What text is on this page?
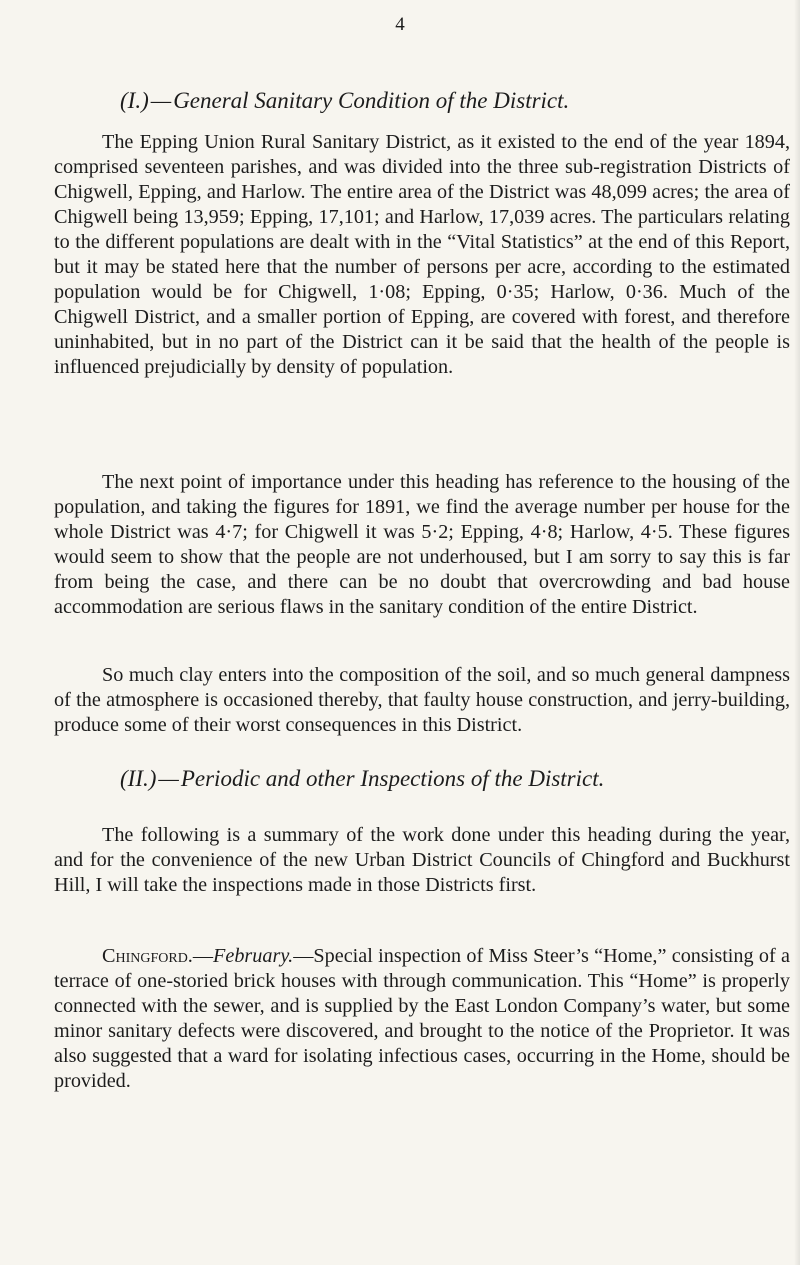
4
(I.)—General Sanitary Condition of the District.

The Epping Union Rural Sanitary District, as it existed to the end of the year 1894, comprised seventeen parishes, and was divided into the three sub-registration Districts of Chigwell, Epping, and Harlow. The entire area of the District was 48,099 acres; the area of Chigwell being 13,959; Epping, 17,101; and Harlow, 17,039 acres. The particulars relating to the different populations are dealt with in the “Vital Statistics” at the end of this Report, but it may be stated here that the number of persons per acre, according to the estimated population would be for Chigwell, 1·08; Epping, 0·35; Harlow, 0·36. Much of the Chigwell District, and a smaller portion of Epping, are covered with forest, and therefore uninhabited, but in no part of the District can it be said that the health of the people is influenced prejudicially by density of population.

The next point of importance under this heading has reference to the housing of the population, and taking the figures for 1891, we find the average number per house for the whole District was 4·7; for Chigwell it was 5·2; Epping, 4·8; Harlow, 4·5. These figures would seem to show that the people are not underhoused, but I am sorry to say this is far from being the case, and there can be no doubt that overcrowding and bad house accommodation are serious flaws in the sanitary condition of the entire District.

So much clay enters into the composition of the soil, and so much general dampness of the atmosphere is occasioned thereby, that faulty house construction, and jerry-building, produce some of their worst consequences in this District.

(II.)—Periodic and other Inspections of the District.

The following is a summary of the work done under this heading during the year, and for the convenience of the new Urban District Councils of Chingford and Buckhurst Hill, I will take the inspections made in those Districts first.

Chingford.—February.—Special inspection of Miss Steer’s “Home,” consisting of a terrace of one-storied brick houses with through communication. This “Home” is properly connected with the sewer, and is supplied by the East London Company’s water, but some minor sanitary defects were discovered, and brought to the notice of the Proprietor. It was also suggested that a ward for isolating infectious cases, occurring in the Home, should be provided.
